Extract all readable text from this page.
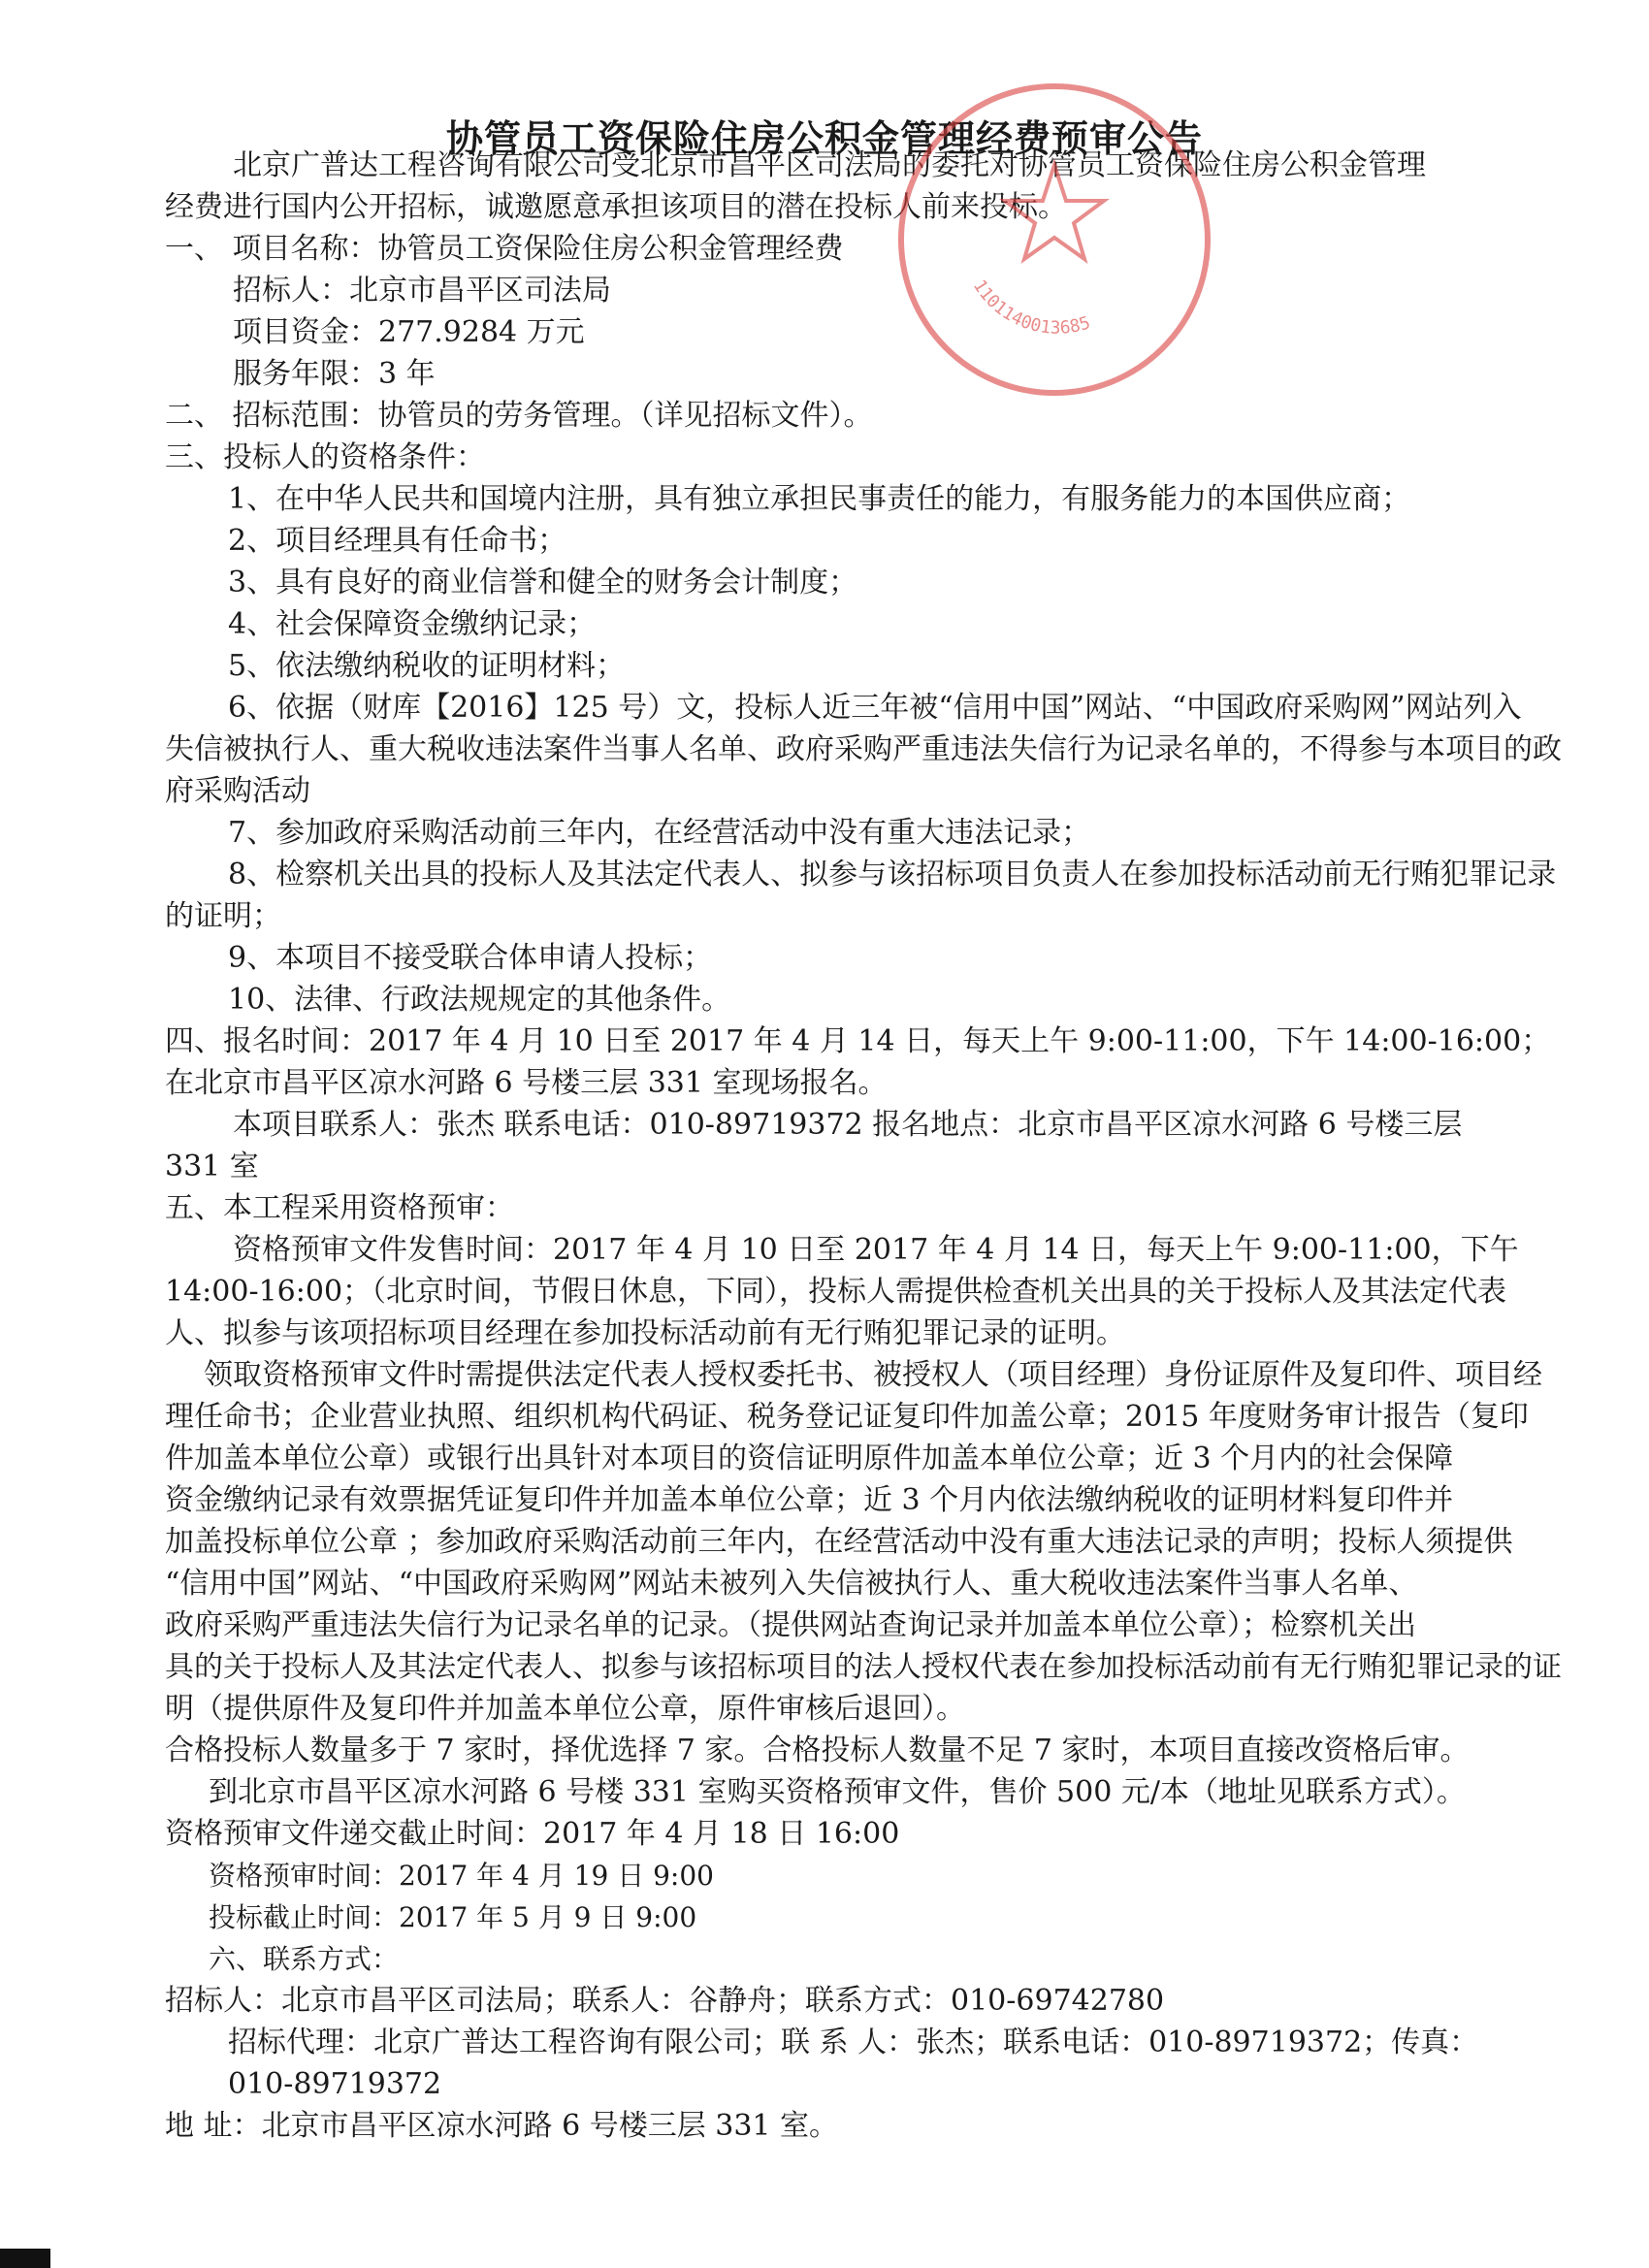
协管员工资保险住房公积金管理经费预审公告
北京广普达工程咨询有限公司受北京市昌平区司法局的委托对协管员工资保险住房公积金管理
经费进行国内公开招标，诚邀愿意承担该项目的潜在投标人前来投标。
一、 项目名称：协管员工资保险住房公积金管理经费
招标人：北京市昌平区司法局
项目资金：277.9284 万元
服务年限：3 年
二、 招标范围：协管员的劳务管理。（详见招标文件）。
三、投标人的资格条件：
1、在中华人民共和国境内注册，具有独立承担民事责任的能力，有服务能力的本国供应商；
2、项目经理具有任命书；
3、具有良好的商业信誉和健全的财务会计制度；
4、社会保障资金缴纳记录；
5、依法缴纳税收的证明材料；
6、依据（财库【2016】125 号）文，投标人近三年被“信用中国”网站、“中国政府采购网”网站列入
失信被执行人、重大税收违法案件当事人名单、政府采购严重违法失信行为记录名单的，不得参与本项目的政
府采购活动
7、参加政府采购活动前三年内，在经营活动中没有重大违法记录；
8、检察机关出具的投标人及其法定代表人、拟参与该招标项目负责人在参加投标活动前无行贿犯罪记录
的证明；
9、本项目不接受联合体申请人投标；
10、法律、行政法规规定的其他条件。
四、报名时间：2017 年 4 月 10 日至 2017 年 4 月 14 日，每天上午 9:00-11:00，下午 14:00-16:00；
在北京市昌平区凉水河路 6 号楼三层 331 室现场报名。
本项目联系人：张杰 联系电话：010-89719372 报名地点：北京市昌平区凉水河路 6 号楼三层
331 室
五、本工程采用资格预审：
资格预审文件发售时间：2017 年 4 月 10 日至 2017 年 4 月 14 日，每天上午 9:00-11:00，下午
14:00-16:00；（北京时间，节假日休息，下同），投标人需提供检查机关出具的关于投标人及其法定代表
人、拟参与该项招标项目经理在参加投标活动前有无行贿犯罪记录的证明。
领取资格预审文件时需提供法定代表人授权委托书、被授权人（项目经理）身份证原件及复印件、项目经
理任命书；企业营业执照、组织机构代码证、税务登记证复印件加盖公章；2015 年度财务审计报告（复印
件加盖本单位公章）或银行出具针对本项目的资信证明原件加盖本单位公章；近 3 个月内的社会保障
资金缴纳记录有效票据凭证复印件并加盖本单位公章；近 3 个月内依法缴纳税收的证明材料复印件并
加盖投标单位公章 ；参加政府采购活动前三年内，在经营活动中没有重大违法记录的声明；投标人须提供
“信用中国”网站、“中国政府采购网”网站未被列入失信被执行人、重大税收违法案件当事人名单、
政府采购严重违法失信行为记录名单的记录。（提供网站查询记录并加盖本单位公章）；检察机关出
具的关于投标人及其法定代表人、拟参与该招标项目的法人授权代表在参加投标活动前有无行贿犯罪记录的证
明（提供原件及复印件并加盖本单位公章，原件审核后退回）。
合格投标人数量多于 7 家时，择优选择 7 家。合格投标人数量不足 7 家时，本项目直接改资格后审。
到北京市昌平区凉水河路 6 号楼 331 室购买资格预审文件，售价 500 元/本（地址见联系方式）。
资格预审文件递交截止时间：2017 年 4 月 18 日 16:00
资格预审时间：2017 年 4 月 19 日 9:00
投标截止时间：2017 年 5 月 9 日 9:00
六、联系方式：
招标人：北京市昌平区司法局；联系人：谷静舟；联系方式：010-69742780
招标代理：北京广普达工程咨询有限公司；联 系 人：张杰；联系电话：010-89719372；传真：
010-89719372
地 址：北京市昌平区凉水河路 6 号楼三层 331 室。
1101140013685
